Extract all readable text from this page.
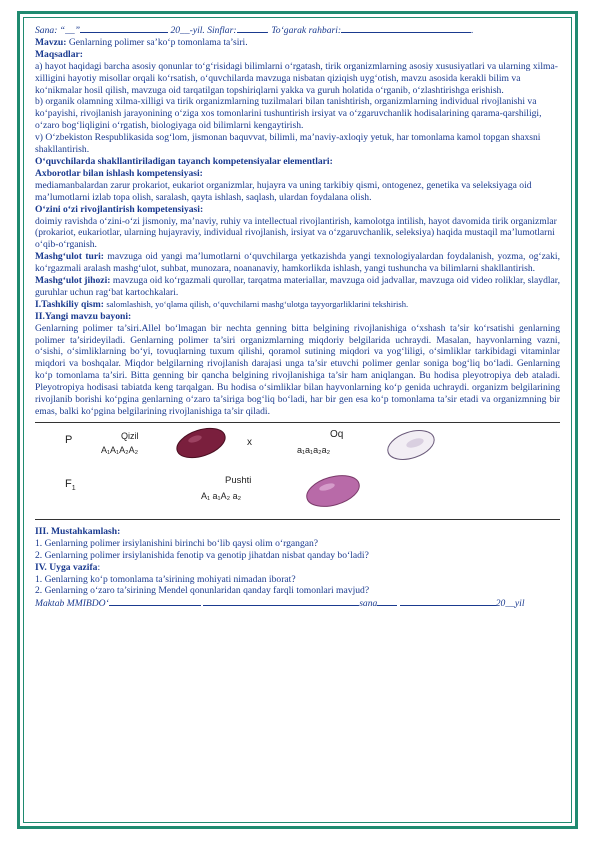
Sana: “__”	20__-yil. Sinflar:	. To‘garak rahbari:	.

Mavzu: Genlarning polimer sa’ko‘p tomonlama ta’siri.

Maqsadlar:

a) hayot haqidagi barcha asosiy qonunlar to‘g‘risidagi bilimlarni o‘rgatash, tirik organizmlarning asosiy xususiyatlari va ularning xilma-xilligini hayotiy misollar orqali ko‘rsatish, o‘quvchilarda mavzuga nisbatan qiziqish uyg‘otish, mavzu asosida kerakli bilim va ko‘nikmalar hosil qilish, mavzuga oid tarqatilgan topshiriqlarni yakka va guruh holatida o‘rganib, o‘zlashtirishga erishish.

b) organik olamning xilma-xilligi va tirik organizmlarning tuzilmalari bilan tanishtirish, organizmlarning individual rivojlanishi va ko‘payishi, rivojlanish jarayonining o‘ziga xos tomonlarini tushuntirish irsiyat va o‘zgaruvchanlik hodisalarining qarama-qarshiligi, o‘zaro bog‘liqligini o‘rgatish, biologiyaga oid bilimlarni kengaytirish.

v) O‘zbekiston Respublikasida sog‘lom, jismonan baquvvat, bilimli, ma’naviy-axloqiy yetuk, har tomonlama kamol topgan shaxsni shakllantirish.

O‘quvchilarda shakllantiriladigan tayanch kompetensiyalar elementlari:

Axborotlar bilan ishlash kompetensiyasi:

mediamanbalardan zarur prokariot, eukariot organizmlar, hujayra va uning tarkibiy qismi, ontogenez, genetika va seleksiyaga oid ma’lumotlarni izlab topa olish, saralash, qayta ishlash, saqlash, ulardan foydalana olish.

O‘zini o‘zi rivojlantirish kompetensiyasi:

doimiy ravishda o‘zini-o‘zi jismoniy, ma’naviy, ruhiy va intellectual rivojlantirish, kamolotga intilish, hayot davomida tirik organizmlar (prokariot, eukariotlar, ularning hujayraviy, individual rivojlanish, irsiyat va o‘zgaruvchanlik, seleksiya) haqida mustaqil ma’lumotlarni o‘qib-o‘rganish.

Mashg‘ulot turi: mavzuga oid yangi ma’lumotlarni o‘quvchilarga yetkazishda yangi texnologiyalardan foydalanish, yozma, og‘zaki, ko‘rgazmali aralash mashg‘ulot, suhbat, munozara, noananaviy, hamkorlikda ishlash, yangi tushuncha va bilimlarni shakllantirish.

Mashg‘ulot jihozi: mavzuga oid ko‘rgazmali qurollar, tarqatma materiallar, mavzuga oid jadvallar, mavzuga oid video roliklar, slaydlar, guruhlar uchun rag‘bat kartochkalari.

I.Tashkiliy qism: salomlashish, yo‘qlama qilish, o‘quvchilarni mashg‘ulotga tayyorgarliklarini tekshirish.

II.Yangi mavzu bayoni:

Genlarning polimer ta’siri.Allel bo‘lmagan bir nechta genning bitta belgining rivojlanishiga o‘xshash ta’sir ko‘rsatishi genlarning polimer ta’sirideyiladi. Genlarning polimer ta’siri organizmlarning miqdoriy belgilarida uchraydi. Masalan, hayvonlarning vazni, o‘sishi, o‘simliklarning bo‘yi, tovuqlarning tuxum qilishi, qoramol sutining miqdori va yog‘liligi, o‘simliklar tarkibidagi vitaminlar miqdori va boshqalar. Miqdor belgilarning rivojlanish darajasi unga ta’sir etuvchi polimer genlar soniga bog‘liq bo‘ladi. Genlarning ko‘p tomonlama ta’siri. Bitta genning bir qancha belgining rivojlanishiga ta’sir ham aniqlangan. Bu hodisa pleyotropiya deb ataladi. Pleyotropiya hodisasi tabiatda keng tarqalgan. Bu hodisa o‘simliklar bilan hayvonlarning ko‘p genida uchraydi. organizm belgilarining rivojlanib borishi ko‘pgina genlarning o‘zaro ta’siriga bog‘liq bo‘ladi, har bir gen esa ko‘p tomonlama ta’sir etadi va organizmning bir emas, balki ko‘pgina belgilarining rivojlanishiga ta’sir qiladi.

P
$F_1$
Qizil
A₁A₁A₂A₂
x
Oq
a₁a₁a₂a₂
Pushti
A₁ a₁A₂ a₂

III. Mustahkamlash:

1. Genlarning polimer irsiylanishini birinchi bo‘lib qaysi olim o‘rgangan?

2. Genlarning polimer irsiylanishida fenotip va genotip jihatdan nisbat qanday bo‘ladi?

IV. Uyga vazifa:

1. Genlarning ko‘p tomonlama ta’sirining mohiyati nimadan iborat?

2. Genlarning o‘zaro ta’sirining Mendel qonunlaridan qanday farqli tomonlari mavjud?

Maktab MMIBDO‘	sana	20__yil
